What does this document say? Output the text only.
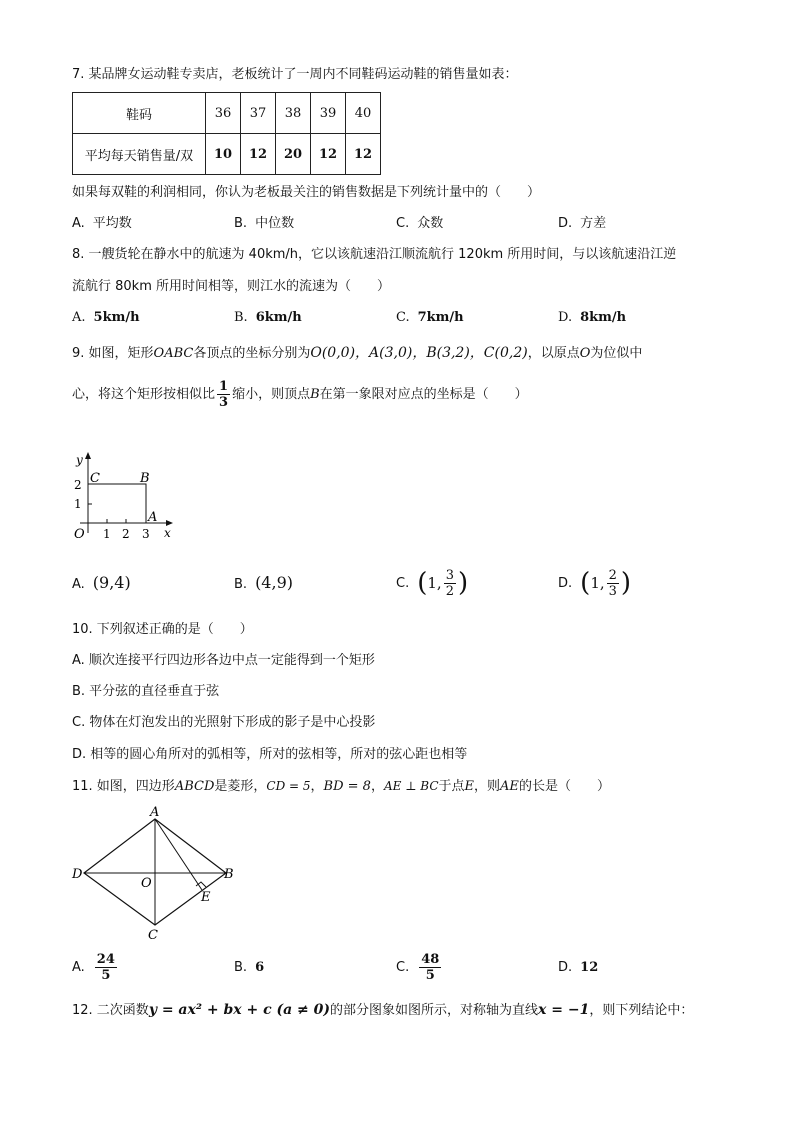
7. 某品牌女运动鞋专卖店，老板统计了一周内不同鞋码运动鞋的销售量如表：
鞋码	36	37	38	39	40
平均每天销售量/双	10	12	20	12	12
如果每双鞋的利润相同，你认为老板最关注的销售数据是下列统计量中的（　　）
A. 平均数	B. 中位数	C. 众数	D. 方差
8. 一艘货轮在静水中的航速为 40km/h，它以该航速沿江顺流航行 120km 所用时间，与以该航速沿江逆
流航行 80km 所用时间相等，则江水的流速为（　　）
A. 5km/h	B. 6km/h	C. 7km/h	D. 8km/h
9. 如图，矩形OABC各顶点的坐标分别为O(0,0)，A(3,0)，B(3,2)，C(0,2)，以原点O为位似中
心，将这个矩形按相似比 $\frac{1}{3}$ 缩小，则顶点B在第一象限对应点的坐标是（　　）
y
x
O
C	B
A
2
1
1 2 3
A. (9,4)	B. (4,9)	C. (1, $\frac{3}{2}$ )	D. (1, $\frac{2}{3}$ )
10. 下列叙述正确的是（　　）
A. 顺次连接平行四边形各边中点一定能得到一个矩形
B. 平分弦的直径垂直于弦
C. 物体在灯泡发出的光照射下形成的影子是中心投影
D. 相等的圆心角所对的弧相等，所对的弦相等，所对的弦心距也相等
11. 如图，四边形ABCD是菱形，CD = 5，BD = 8，AE ⊥ BC于点E，则AE的长是（　　）
A
B
C
D
O
E
A. $\frac{24}{5}$	B. 6	C. $\frac{48}{5}$	D. 12
12. 二次函数y = ax² + bx + c (a ≠ 0)的部分图象如图所示，对称轴为直线x = −1，则下列结论中：
